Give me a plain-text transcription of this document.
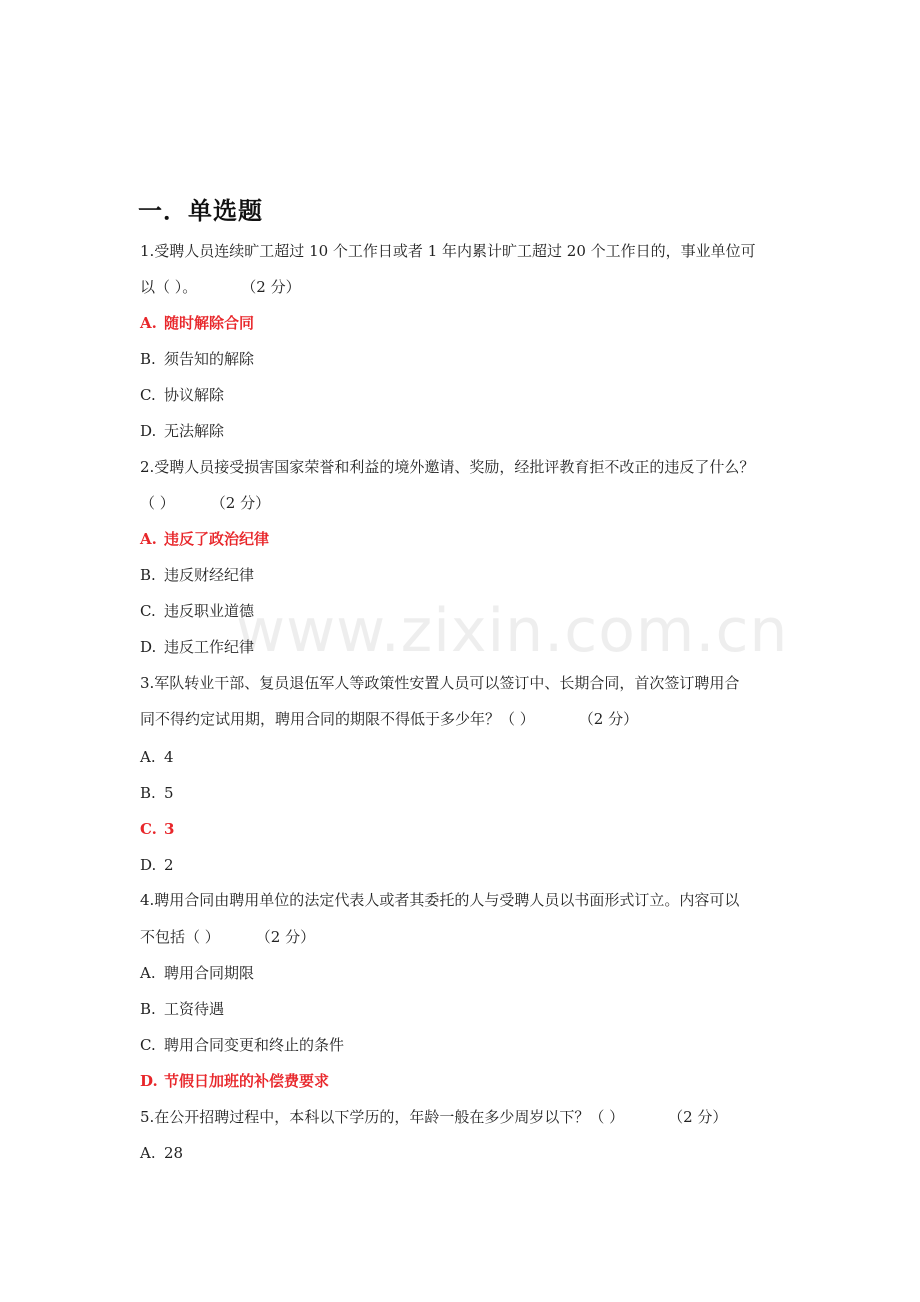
www.zixin.com.cn
一．单选题
1.受聘人员连续旷工超过 10 个工作日或者 1 年内累计旷工超过 20 个工作日的，事业单位可
以（ ）。	（2 分）
A. 随时解除合同
B. 须告知的解除
C. 协议解除
D. 无法解除
2.受聘人员接受损害国家荣誉和利益的境外邀请、奖励，经批评教育拒不改正的违反了什么？
（ ） （2 分）
A. 违反了政治纪律
B. 违反财经纪律
C. 违反职业道德
D. 违反工作纪律
3.军队转业干部、复员退伍军人等政策性安置人员可以签订中、长期合同，首次签订聘用合
同不得约定试用期，聘用合同的期限不得低于多少年？（ ）	（2 分）
A. 4
B. 5
C. 3
D. 2
4.聘用合同由聘用单位的法定代表人或者其委托的人与受聘人员以书面形式订立。内容可以
不包括（ ） （2 分）
A. 聘用合同期限
B. 工资待遇
C. 聘用合同变更和终止的条件
D. 节假日加班的补偿费要求
5.在公开招聘过程中，本科以下学历的，年龄一般在多少周岁以下？（ ）	（2 分）
A. 28
